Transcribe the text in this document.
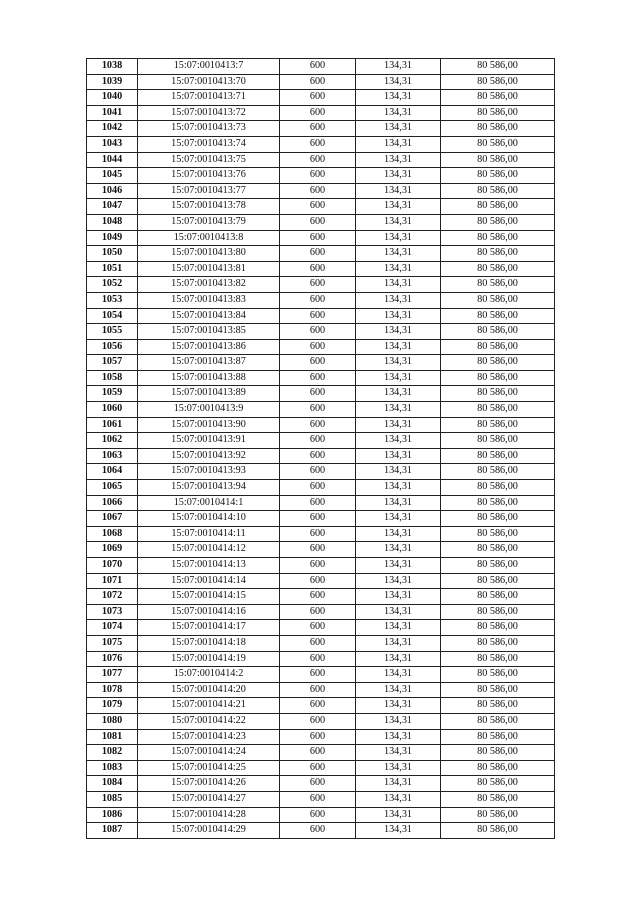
1038	15:07:0010413:7	600	134,31	80 586,00
1039	15:07:0010413:70	600	134,31	80 586,00
1040	15:07:0010413:71	600	134,31	80 586,00
1041	15:07:0010413:72	600	134,31	80 586,00
1042	15:07:0010413:73	600	134,31	80 586,00
1043	15:07:0010413:74	600	134,31	80 586,00
1044	15:07:0010413:75	600	134,31	80 586,00
1045	15:07:0010413:76	600	134,31	80 586,00
1046	15:07:0010413:77	600	134,31	80 586,00
1047	15:07:0010413:78	600	134,31	80 586,00
1048	15:07:0010413:79	600	134,31	80 586,00
1049	15:07:0010413:8	600	134,31	80 586,00
1050	15:07:0010413:80	600	134,31	80 586,00
1051	15:07:0010413:81	600	134,31	80 586,00
1052	15:07:0010413:82	600	134,31	80 586,00
1053	15:07:0010413:83	600	134,31	80 586,00
1054	15:07:0010413:84	600	134,31	80 586,00
1055	15:07:0010413:85	600	134,31	80 586,00
1056	15:07:0010413:86	600	134,31	80 586,00
1057	15:07:0010413:87	600	134,31	80 586,00
1058	15:07:0010413:88	600	134,31	80 586,00
1059	15:07:0010413:89	600	134,31	80 586,00
1060	15:07:0010413:9	600	134,31	80 586,00
1061	15:07:0010413:90	600	134,31	80 586,00
1062	15:07:0010413:91	600	134,31	80 586,00
1063	15:07:0010413:92	600	134,31	80 586,00
1064	15:07:0010413:93	600	134,31	80 586,00
1065	15:07:0010413:94	600	134,31	80 586,00
1066	15:07:0010414:1	600	134,31	80 586,00
1067	15:07:0010414:10	600	134,31	80 586,00
1068	15:07:0010414:11	600	134,31	80 586,00
1069	15:07:0010414:12	600	134,31	80 586,00
1070	15:07:0010414:13	600	134,31	80 586,00
1071	15:07:0010414:14	600	134,31	80 586,00
1072	15:07:0010414:15	600	134,31	80 586,00
1073	15:07:0010414:16	600	134,31	80 586,00
1074	15:07:0010414:17	600	134,31	80 586,00
1075	15:07:0010414:18	600	134,31	80 586,00
1076	15:07:0010414:19	600	134,31	80 586,00
1077	15:07:0010414:2	600	134,31	80 586,00
1078	15:07:0010414:20	600	134,31	80 586,00
1079	15:07:0010414:21	600	134,31	80 586,00
1080	15:07:0010414:22	600	134,31	80 586,00
1081	15:07:0010414:23	600	134,31	80 586,00
1082	15:07:0010414:24	600	134,31	80 586,00
1083	15:07:0010414:25	600	134,31	80 586,00
1084	15:07:0010414:26	600	134,31	80 586,00
1085	15:07:0010414:27	600	134,31	80 586,00
1086	15:07:0010414:28	600	134,31	80 586,00
1087	15:07:0010414:29	600	134,31	80 586,00
